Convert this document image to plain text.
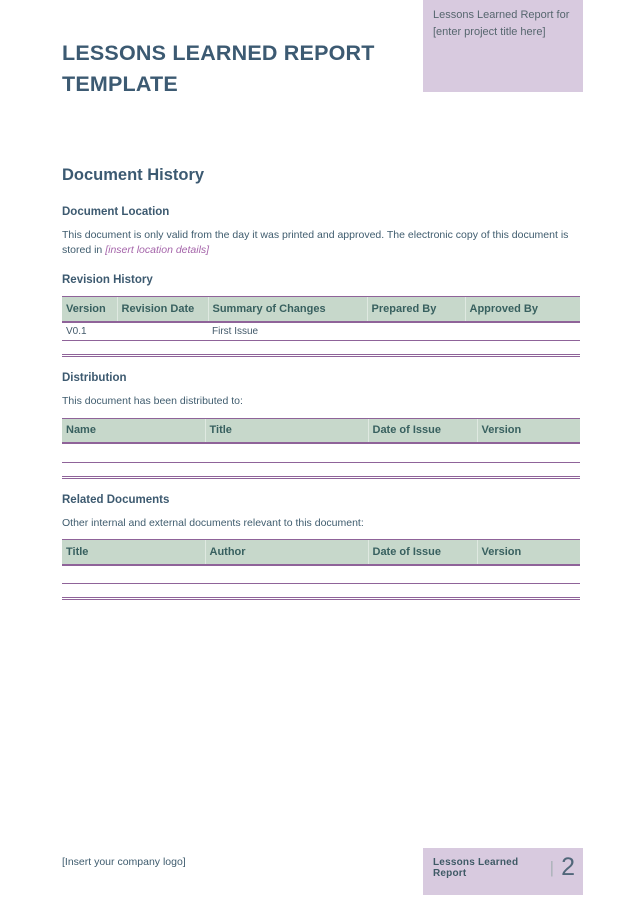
Lessons Learned Report for
[enter project title here]
LESSONS LEARNED REPORT
TEMPLATE
Document History
Document Location

This document is only valid from the day it was printed and approved. The electronic copy of this document is stored in [insert location details]

Revision History
Version	Revision Date	Summary of Changes	Prepared By	Approved By
V0.1		First Issue		

Distribution

This document has been distributed to:

Name	Title	Date of Issue	Version

Related Documents

Other internal and external documents relevant to this document:

Title	Author	Date of Issue	Version

[Insert your company logo]	Lessons Learned Report	| 2
